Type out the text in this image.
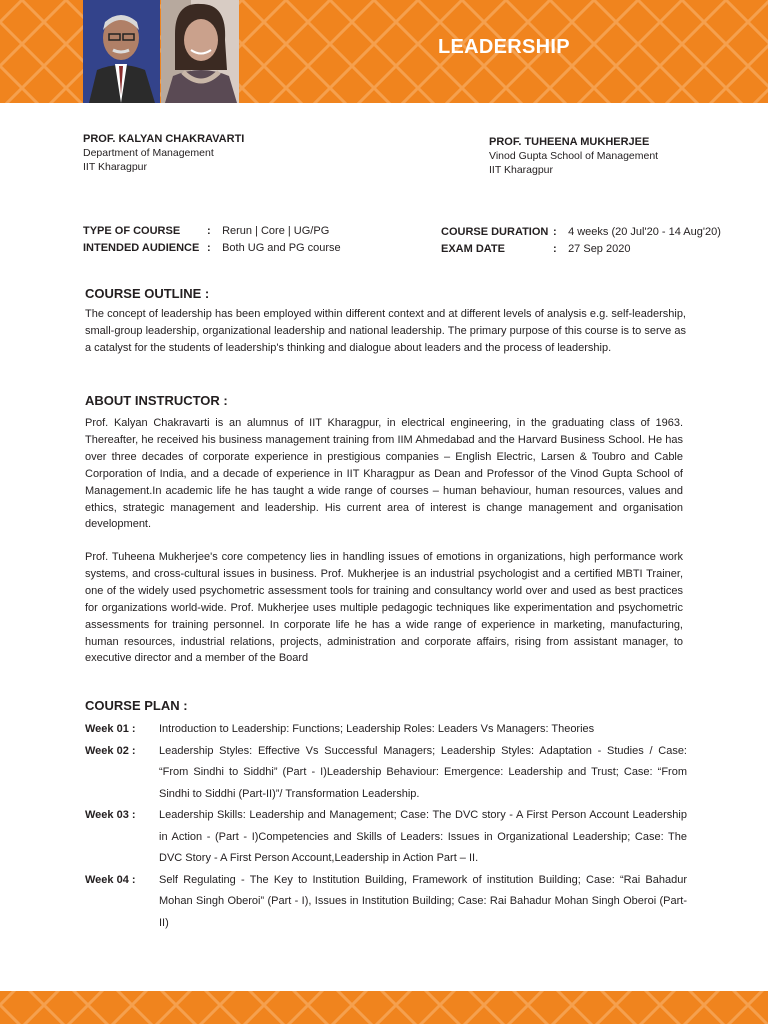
LEADERSHIP
PROF. KALYAN CHAKRAVARTI
Department of Management
IIT Kharagpur
PROF. TUHEENA MUKHERJEE
Vinod Gupta School of Management
IIT Kharagpur
TYPE OF COURSE : Rerun | Core | UG/PG
INTENDED AUDIENCE : Both UG and PG course
COURSE DURATION : 4 weeks (20 Jul'20 - 14 Aug'20)
EXAM DATE	: 27 Sep 2020
COURSE OUTLINE :
The concept of leadership has been employed within different context and at different levels of analysis e.g. self-leadership, small-group leadership, organizational leadership and national leadership. The primary purpose of this course is to serve as a catalyst for the students of leadership's thinking and dialogue about leaders and the process of leadership.
ABOUT INSTRUCTOR :
Prof. Kalyan Chakravarti is an alumnus of IIT Kharagpur, in electrical engineering, in the graduating class of 1963. Thereafter, he received his business management training from IIM Ahmedabad and the Harvard Business School. He has over three decades of corporate experience in prestigious companies – English Electric, Larsen & Toubro and Cable Corporation of India, and a decade of experience in IIT Kharagpur as Dean and Professor of the Vinod Gupta School of Management.In academic life he has taught a wide range of courses – human behaviour, human resources, values and ethics, strategic management and leadership. His current area of interest is change management and organisation development.
Prof. Tuheena Mukherjee's core competency lies in handling issues of emotions in organizations, high performance work systems, and cross-cultural issues in business. Prof. Mukherjee is an industrial psychologist and a certified MBTI Trainer, one of the widely used psychometric assessment tools for training and consultancy world over and used as best practices for organizations world-wide. Prof. Mukherjee uses multiple pedagogic techniques like experimentation and psychometric assessments for training personnel. In corporate life he has a wide range of experience in marketing, manufacturing, human resources, industrial relations, projects, administration and corporate affairs, rising from assistant manager, to executive director and a member of the Board
COURSE PLAN :
Week 01 :	Introduction to Leadership: Functions; Leadership Roles: Leaders Vs Managers: Theories
Week 02 :	Leadership Styles: Effective Vs Successful Managers; Leadership Styles: Adaptation - Studies / Case: “From Sindhi to Siddhi” (Part - I)Leadership Behaviour: Emergence: Leadership and Trust; Case: “From Sindhi to Siddhi (Part-II)”/ Transformation Leadership.
Week 03 :	Leadership Skills: Leadership and Management; Case: The DVC story - A First Person Account Leadership in Action - (Part - I)Competencies and Skills of Leaders: Issues in Organizational Leadership; Case: The DVC Story - A First Person Account,Leadership in Action Part – II.
Week 04 :	Self Regulating - The Key to Institution Building, Framework of institution Building; Case: “Rai Bahadur Mohan Singh Oberoi” (Part - I), Issues in Institution Building; Case: Rai Bahadur Mohan Singh Oberoi (Part-II)
